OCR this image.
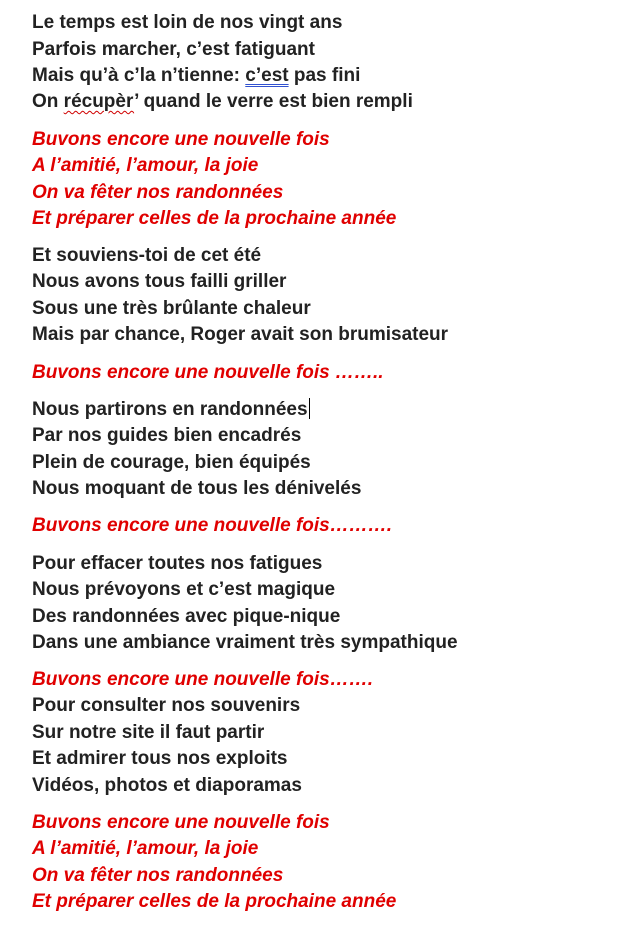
Le temps est loin de nos vingt ans
Parfois marcher, c’est fatiguant
Mais qu’à c’la n’tienne: c’est pas fini
On récupèr’ quand le verre est bien rempli
Buvons encore une nouvelle fois
A l’amitié, l’amour, la joie
On va fêter nos randonnées
Et préparer celles de la prochaine année
Et souviens-toi de cet été
Nous avons tous failli griller
Sous une très brûlante chaleur
Mais par chance, Roger avait son brumisateur
Buvons encore une nouvelle fois ……..
Nous partirons en randonnées
Par nos guides bien encadrés
Plein de courage, bien équipés
Nous moquant de tous les dénivelés
Buvons encore une nouvelle fois……….
Pour effacer toutes nos fatigues
Nous prévoyons et c’est magique
Des randonnées avec pique-nique
Dans une ambiance vraiment très sympathique
Buvons encore une nouvelle fois…….
Pour consulter nos souvenirs
Sur notre site il faut partir
Et admirer tous nos exploits
Vidéos, photos et diaporamas
Buvons encore une nouvelle fois
A l’amitié, l’amour, la joie
On va fêter nos randonnées
Et préparer celles de la prochaine année
